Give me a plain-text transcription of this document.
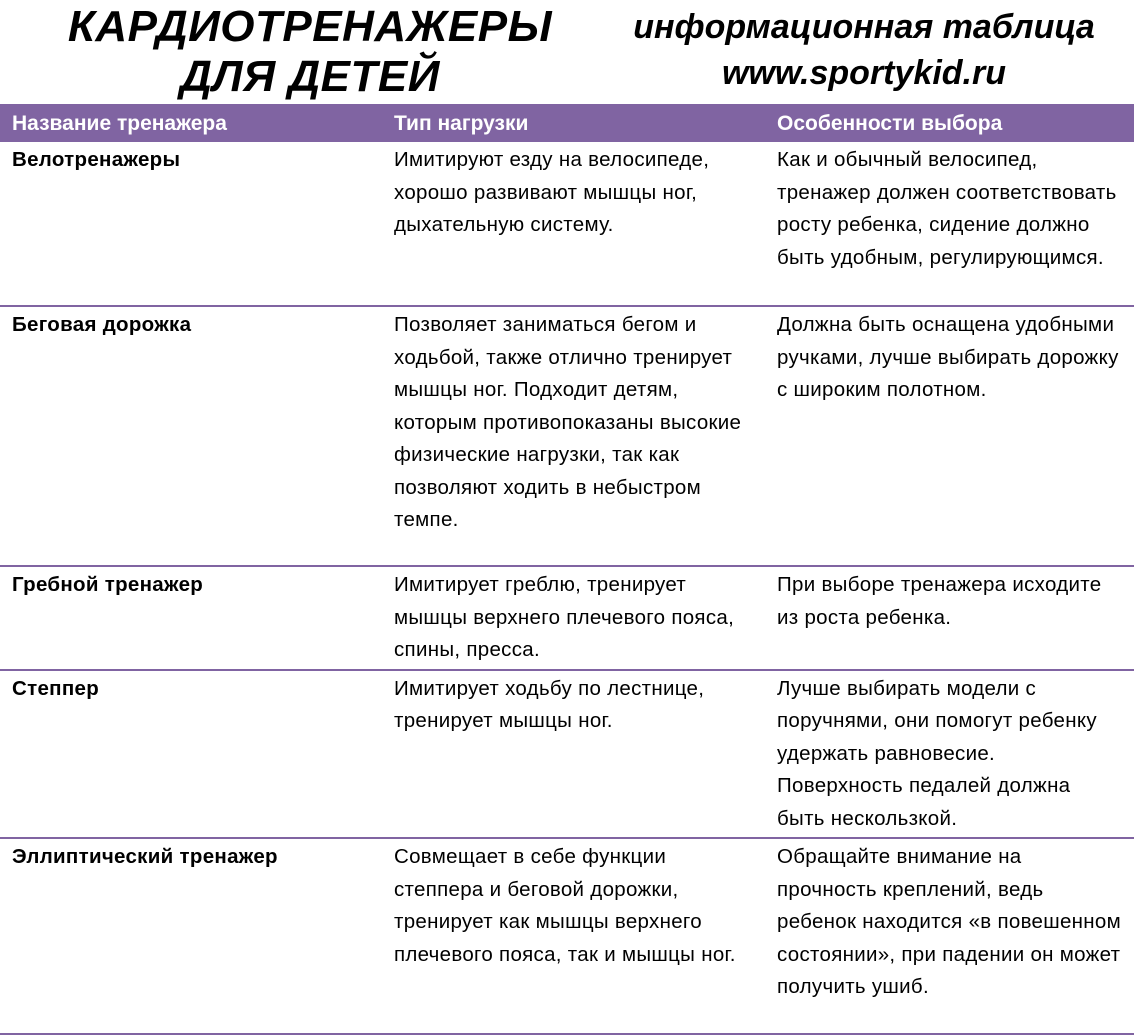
КАРДИОТРЕНАЖЕРЫ
ДЛЯ ДЕТЕЙ
информационная таблица
www.sportykid.ru
Название тренажера	Тип нагрузки	Особенности выбора
Велотренажеры	Имитируют езду на велосипеде, хорошо развивают мышцы ног, дыхательную систему.	Как и обычный велосипед, тренажер должен соответствовать росту ребенка, сидение должно быть удобным, регулирующимся.
Беговая дорожка	Позволяет заниматься бегом и ходьбой, также отлично тренирует мышцы ног. Подходит детям, которым противопоказаны высокие физические нагрузки, так как позволяют ходить в небыстром темпе.	Должна быть оснащена удобными ручками, лучше выбирать дорожку с широким полотном.
Гребной тренажер	Имитирует греблю, тренирует мышцы верхнего плечевого пояса, спины, пресса.	При выборе тренажера исходите из роста ребенка.
Степпер	Имитирует ходьбу по лестнице, тренирует мышцы ног.	Лучше выбирать модели с поручнями, они помогут ребенку удержать равновесие. Поверхность педалей должна быть нескользкой.
Эллиптический тренажер	Совмещает в себе функции степпера и беговой дорожки, тренирует как мышцы верхнего плечевого пояса, так и мышцы ног.	Обращайте внимание на прочность креплений, ведь ребенок находится «в повешенном состоянии», при падении он может получить ушиб.
